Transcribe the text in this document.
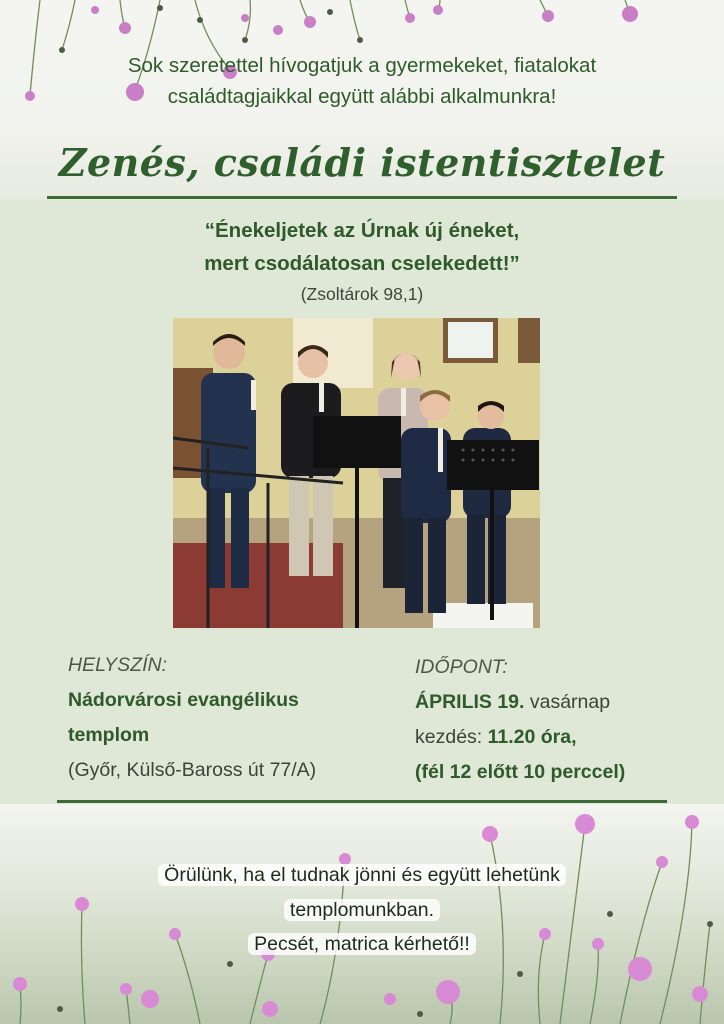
Sok szeretettel hívogatjuk a gyermekeket, fiatalokat
családtagjaikkal együtt alábbi alkalmunkra!
Zenés, családi istentisztelet
“Énekeljetek az Úrnak új éneket,
mert csodálatosan cselekedett!”
(Zsoltárok 98,1)
HELYSZÍN:
Nádorvárosi evangélikus
templom
(Győr, Külső-Baross út 77/A)
IDŐPONT:
ÁPRILIS 19. vasárnap
kezdés: 11.20 óra,
(fél 12 előtt 10 perccel)
Örülünk, ha el tudnak jönni és együtt lehetünk
templomunkban.
Pecsét, matrica kérhető!!
